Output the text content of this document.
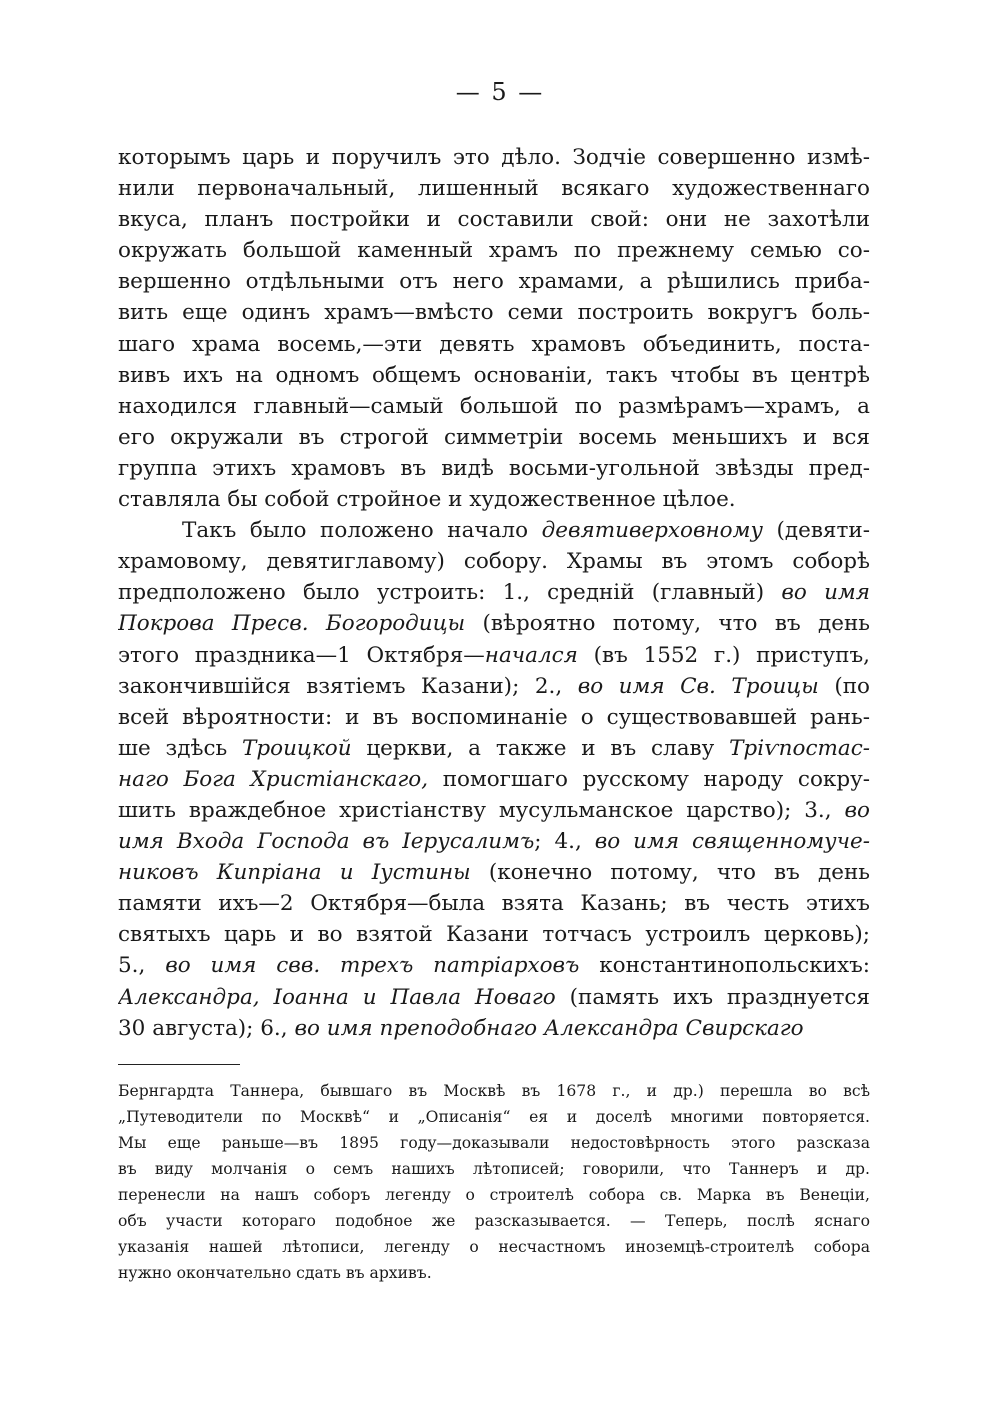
— 5 —
которымъ царь и поручилъ это дѣло. Зодчіе совершенно измѣ-
нили первоначальный, лишенный всякаго художественнаго
вкуса, планъ постройки и составили свой: они не захотѣли
окружать большой каменный храмъ по прежнему семью со-
вершенно отдѣльными отъ него храмами, а рѣшились приба-
вить еще одинъ храмъ—вмѣсто семи построить вокругъ боль-
шаго храма восемь,—эти девять храмовъ объединить, поста-
вивъ ихъ на одномъ общемъ основаніи, такъ чтобы въ центрѣ
находился главный—самый большой по размѣрамъ—храмъ, а
его окружали въ строгой симметріи восемь меньшихъ и вся
группа этихъ храмовъ въ видѣ восьми-угольной звѣзды пред-
ставляла бы собой стройное и художественное цѣлое.
Такъ было положено начало девятиверховному (девяти-
храмовому, девятиглавому) собору. Храмы въ этомъ соборѣ
предположено было устроить: 1., средній (главный) во имя
Покрова Пресв. Богородицы (вѣроятно потому, что въ день
этого праздника—1 Октября—начался (въ 1552 г.) приступъ,
закончившійся взятіемъ Казани); 2., во имя Св. Троицы (по
всей вѣроятности: и въ воспоминаніе о существовавшей рань-
ше здѣсь Троицкой церкви, а также и въ славу Тріѵпостас-
наго Бога Христіанскаго, помогшаго русскому народу сокру-
шить враждебное христіанству мусульманское царство); 3., во
имя Входа Господа въ Іерусалимъ; 4., во имя священномуче-
никовъ Кипріана и Іустины (конечно потому, что въ день
памяти ихъ—2 Октября—была взята Казань; въ честь этихъ
святыхъ царь и во взятой Казани тотчасъ устроилъ церковь);
5., во имя свв. трехъ патріарховъ константинопольскихъ:
Александра, Іоанна и Павла Новаго (память ихъ празднуется
30 августа); 6., во имя преподобнаго Александра Свирскаго
Бернгардта Таннера, бывшаго въ Москвѣ въ 1678 г., и др.) перешла во всѣ
„Путеводители по Москвѣ“ и „Описанія“ ея и доселѣ многими повторяется.
Мы еще раньше—въ 1895 году—доказывали недостовѣрность этого разсказа
въ виду молчанія о семъ нашихъ лѣтописей; говорили, что Таннеръ и др.
перенесли на нашъ соборъ легенду о строителѣ собора св. Марка въ Венеціи,
объ участи котораго подобное же разсказывается. — Теперь, послѣ яснаго
указанія нашей лѣтописи, легенду о несчастномъ иноземцѣ-строителѣ собора
нужно окончательно сдать въ архивъ.
